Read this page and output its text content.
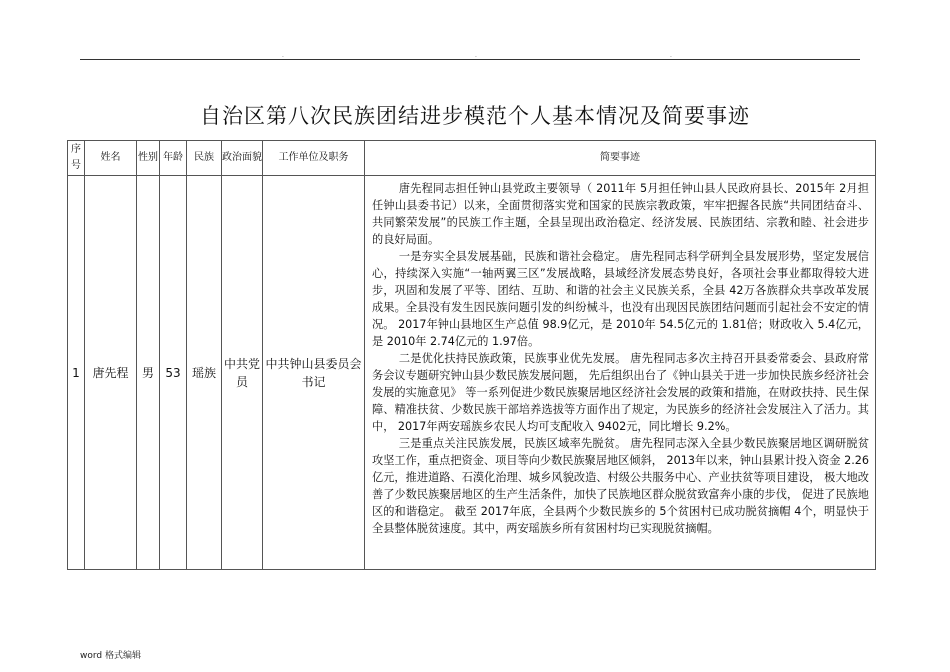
.	.	.
自治区第八次民族团结进步模范个人基本情况及简要事迹
序号	姓名	性别	年龄	民族	政治面貌	工作单位及职务	简要事迹
1	唐先程	男	53	瑶族	中共党员	中共钟山县委员会书记	唐先程同志担任钟山县党政主要领导（ 2011年 5月担任钟山县人民政府县长、2015年 2月担任钟山县委书记）以来，全面贯彻落实党和国家的民族宗教政策，牢牢把握各民族“共同团结奋斗、共同繁荣发展”的民族工作主题，全县呈现出政治稳定、经济发展、民族团结、宗教和睦、社会进步的良好局面。

一是夯实全县发展基础，民族和谐社会稳定。 唐先程同志科学研判全县发展形势，坚定发展信心，持续深入实施“一轴两翼三区”发展战略，县域经济发展态势良好，各项社会事业都取得较大进步，巩固和发展了平等、团结、互助、和谐的社会主义民族关系，全县 42万各族群众共享改革发展成果。全县没有发生因民族问题引发的纠纷械斗，也没有出现因民族团结问题而引起社会不安定的情况。 2017年钟山县地区生产总值 98.9亿元，是 2010年 54.5亿元的 1.81倍；财政收入 5.4亿元，是 2010年 2.74亿元的 1.97倍。

二是优化扶持民族政策，民族事业优先发展。 唐先程同志多次主持召开县委常委会、县政府常务会议专题研究钟山县少数民族发展问题， 先后组织出台了《钟山县关于进一步加快民族乡经济社会发展的实施意见》 等一系列促进少数民族聚居地区经济社会发展的政策和措施，在财政扶持、民生保障、精准扶贫、少数民族干部培养选拔等方面作出了规定，为民族乡的经济社会发展注入了活力。其中， 2017年两安瑶族乡农民人均可支配收入 9402元，同比增长 9.2%。

三是重点关注民族发展，民族区域率先脱贫。 唐先程同志深入全县少数民族聚居地区调研脱贫攻坚工作，重点把资金、项目等向少数民族聚居地区倾斜， 2013年以来，钟山县累计投入资金 2.26亿元，推进道路、石漠化治理、城乡风貌改造、村级公共服务中心、产业扶贫等项目建设， 极大地改善了少数民族聚居地区的生产生活条件，加快了民族地区群众脱贫致富奔小康的步伐， 促进了民族地区的和谐稳定。 截至 2017年底，全县两个少数民族乡的 5个贫困村已成功脱贫摘帽 4个，明显快于全县整体脱贫速度。其中，两安瑶族乡所有贫困村均已实现脱贫摘帽。

word 格式编辑
